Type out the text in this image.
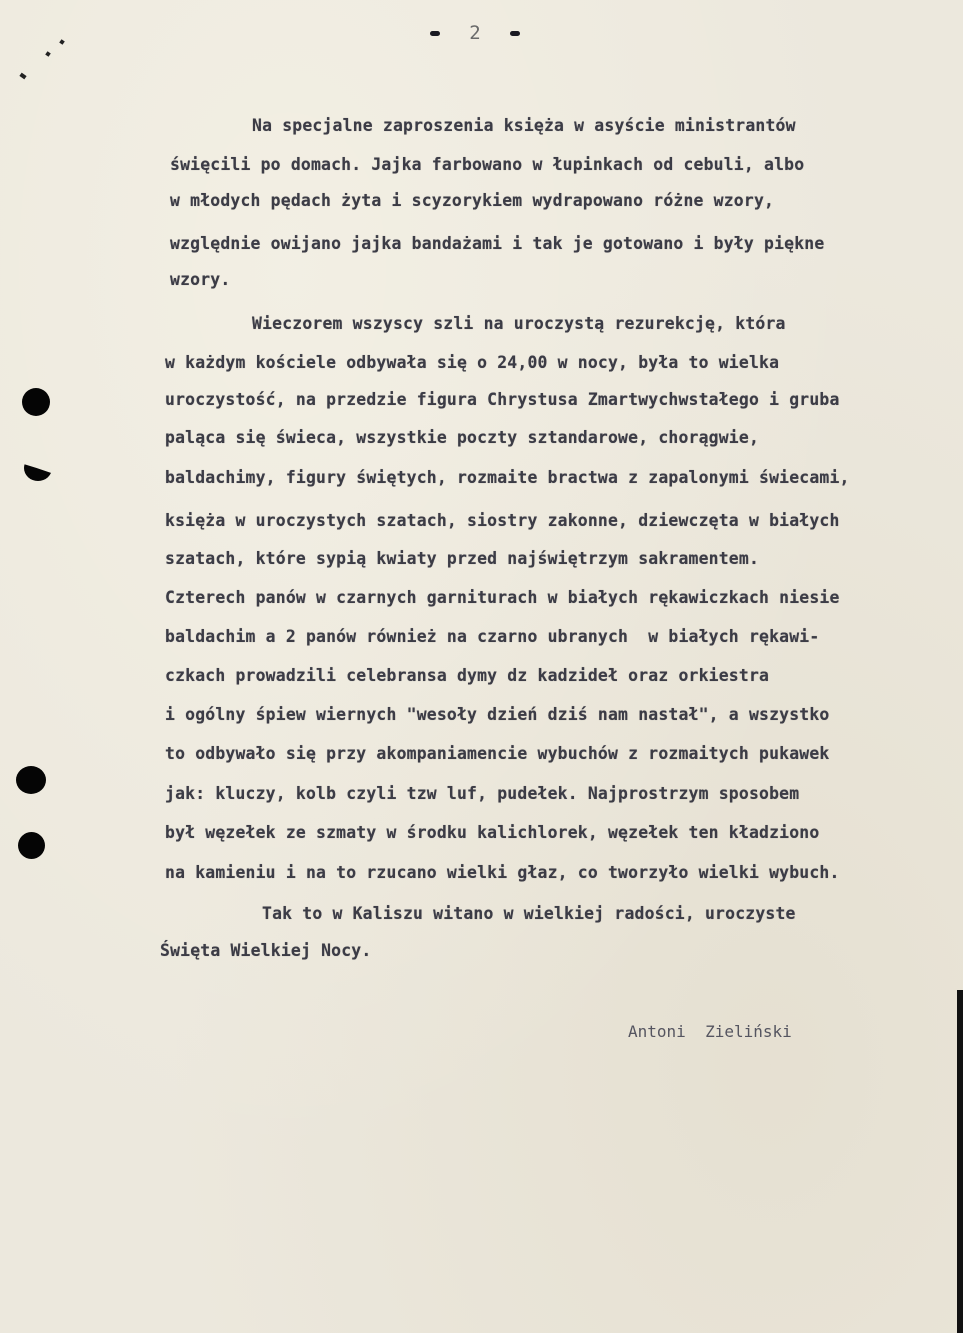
2

Na specjalne zaproszenia księża w asyście ministrantów

święcili po domach. Jajka farbowano w łupinkach od cebuli, albo

w młodych pędach żyta i scyzorykiem wydrapowano różne wzory,

względnie owijano jajka bandażami i tak je gotowano i były piękne

wzory.

Wieczorem wszyscy szli na uroczystą rezurekcję, która

w każdym kościele odbywała się o 24,00 w nocy, była to wielka

uroczystość, na przedzie figura Chrystusa Zmartwychwstałego i gruba

paląca się świeca, wszystkie poczty sztandarowe, chorągwie,

baldachimy, figury świętych, rozmaite bractwa z zapalonymi świecami,

księża w uroczystych szatach, siostry zakonne, dziewczęta w białych

szatach, które sypią kwiaty przed najświętrzym sakramentem.

Czterech panów w czarnych garniturach w białych rękawiczkach niesie

baldachim a 2 panów również na czarno ubranych  w białych rękawi-

czkach prowadzili celebransa dymy dz kadzideł oraz orkiestra

i ogólny śpiew wiernych "wesoły dzień dziś nam nastał", a wszystko

to odbywało się przy akompaniamencie wybuchów z rozmaitych pukawek

jak: kluczy, kolb czyli tzw luf, pudełek. Najprostrzym sposobem

był węzełek ze szmaty w środku kalichlorek, węzełek ten kładziono

na kamieniu i na to rzucano wielki głaz, co tworzyło wielki wybuch.

Tak to w Kaliszu witano w wielkiej radości, uroczyste

Święta Wielkiej Nocy.

Antoni  Zieliński
